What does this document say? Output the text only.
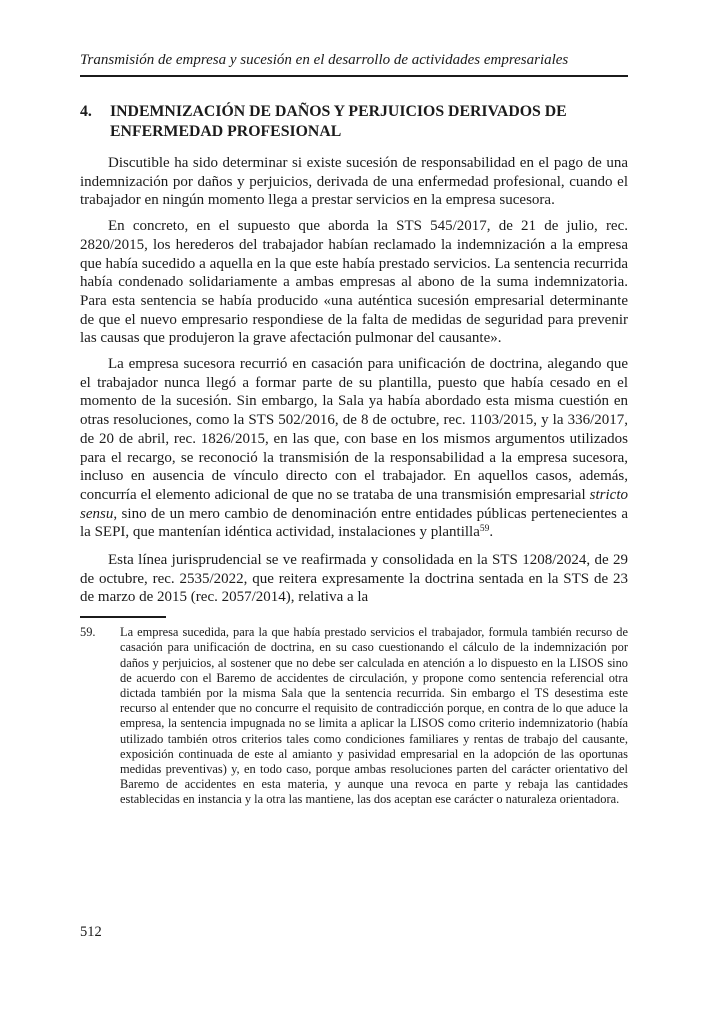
Transmisión de empresa y sucesión en el desarrollo de actividades empresariales
4.	INDEMNIZACIÓN DE DAÑOS Y PERJUICIOS DERIVADOS DE ENFERMEDAD PROFESIONAL

Discutible ha sido determinar si existe sucesión de responsabilidad en el pago de una indemnización por daños y perjuicios, derivada de una enfermedad profesional, cuando el trabajador en ningún momento llega a prestar servicios en la empresa sucesora.

En concreto, en el supuesto que aborda la STS 545/2017, de 21 de julio, rec. 2820/2015, los herederos del trabajador habían reclamado la indemnización a la empresa que había sucedido a aquella en la que este había prestado servicios. La sentencia recurrida había condenado solidariamente a ambas empresas al abono de la suma indemnizatoria. Para esta sentencia se había producido «una auténtica sucesión empresarial determinante de que el nuevo empresario respondiese de la falta de medidas de seguridad para prevenir las causas que produjeron la grave afectación pulmonar del causante».

La empresa sucesora recurrió en casación para unificación de doctrina, alegando que el trabajador nunca llegó a formar parte de su plantilla, puesto que había cesado en el momento de la sucesión. Sin embargo, la Sala ya había abordado esta misma cuestión en otras resoluciones, como la STS 502/2016, de 8 de octubre, rec. 1103/2015, y la 336/2017, de 20 de abril, rec. 1826/2015, en las que, con base en los mismos argumentos utilizados para el recargo, se reconoció la transmisión de la responsabilidad a la empresa sucesora, incluso en ausencia de vínculo directo con el trabajador. En aquellos casos, además, concurría el elemento adicional de que no se trataba de una transmisión empresarial stricto sensu, sino de un mero cambio de denominación entre entidades públicas pertenecientes a la SEPI, que mantenían idéntica actividad, instalaciones y plantilla$^{59}$.

Esta línea jurisprudencial se ve reafirmada y consolidada en la STS 1208/2024, de 29 de octubre, rec. 2535/2022, que reitera expresamente la doctrina sentada en la STS de 23 de marzo de 2015 (rec. 2057/2014), relativa a la

59.	La empresa sucedida, para la que había prestado servicios el trabajador, formula también recurso de casación para unificación de doctrina, en su caso cuestionando el cálculo de la indemnización por daños y perjuicios, al sostener que no debe ser calculada en atención a lo dispuesto en la LISOS sino de acuerdo con el Baremo de accidentes de circulación, y propone como sentencia referencial otra dictada también por la misma Sala que la sentencia recurrida. Sin embargo el TS desestima este recurso al entender que no concurre el requisito de contradicción porque, en contra de lo que aduce la empresa, la sentencia impugnada no se limita a aplicar la LISOS como criterio indemnizatorio (había utilizado también otros criterios tales como condiciones familiares y rentas de trabajo del causante, exposición continuada de este al amianto y pasividad empresarial en la adopción de las oportunas medidas preventivas) y, en todo caso, porque ambas resoluciones parten del carácter orientativo del Baremo de accidentes en esta materia, y aunque una revoca en parte y rebaja las cantidades establecidas en instancia y la otra las mantiene, las dos aceptan ese carácter o naturaleza orientadora.
512
